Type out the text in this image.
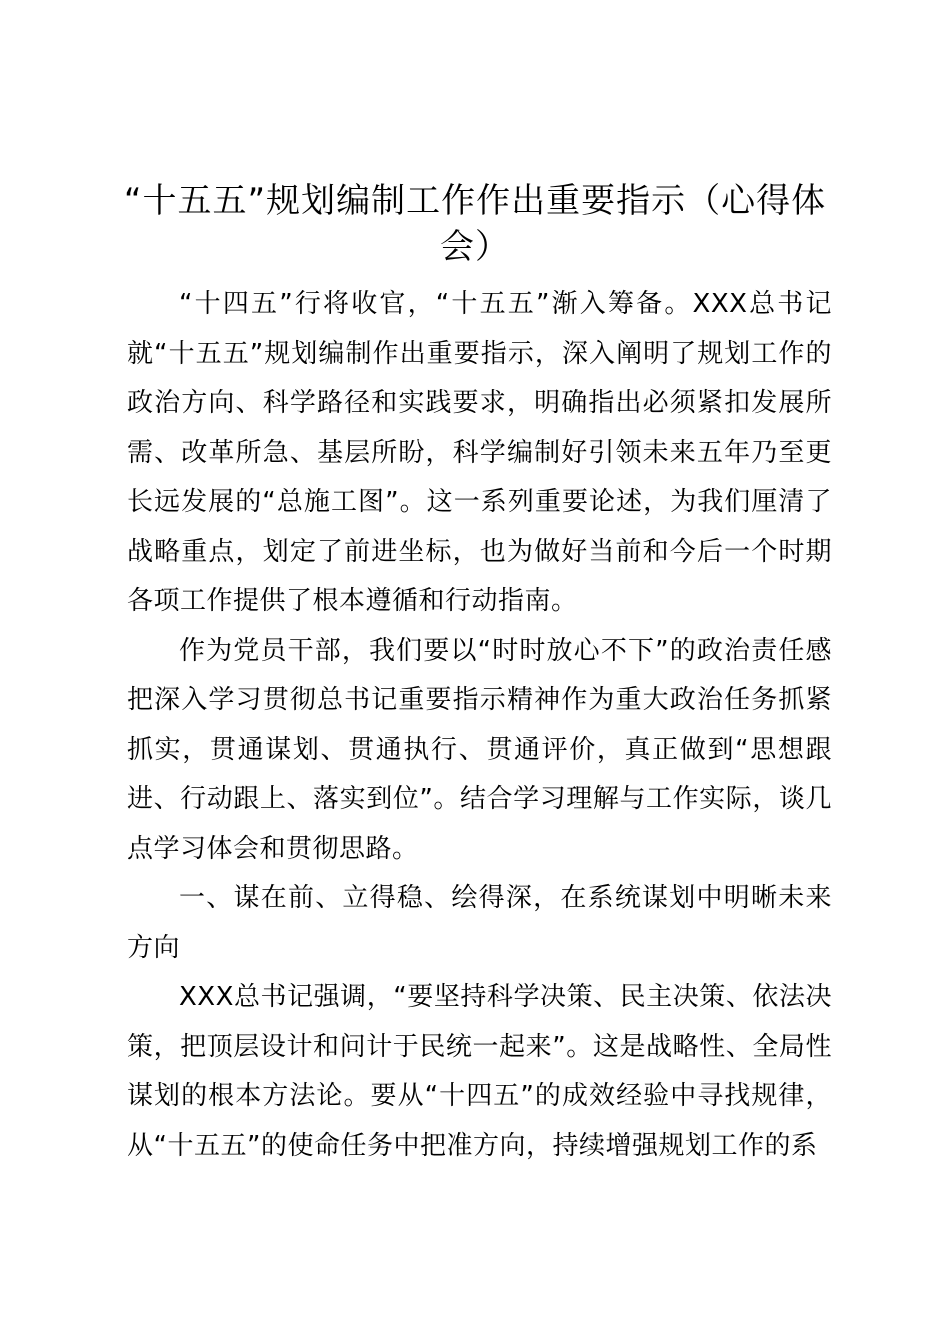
“十五五”规划编制工作作出重要指示（心得体会）

“十四五”行将收官，“十五五”渐入筹备。XXX总书记就“十五五”规划编制作出重要指示，深入阐明了规划工作的政治方向、科学路径和实践要求，明确指出必须紧扣发展所需、改革所急、基层所盼，科学编制好引领未来五年乃至更长远发展的“总施工图”。这一系列重要论述，为我们厘清了战略重点，划定了前进坐标，也为做好当前和今后一个时期各项工作提供了根本遵循和行动指南。

作为党员干部，我们要以“时时放心不下”的政治责任感把深入学习贯彻总书记重要指示精神作为重大政治任务抓紧抓实，贯通谋划、贯通执行、贯通评价，真正做到“思想跟进、行动跟上、落实到位”。结合学习理解与工作实际，谈几点学习体会和贯彻思路。

一、谋在前、立得稳、绘得深，在系统谋划中明晰未来方向

XXX总书记强调，“要坚持科学决策、民主决策、依法决策，把顶层设计和问计于民统一起来”。这是战略性、全局性谋划的根本方法论。要从“十四五”的成效经验中寻找规律，从“十五五”的使命任务中把准方向，持续增强规划工作的系
